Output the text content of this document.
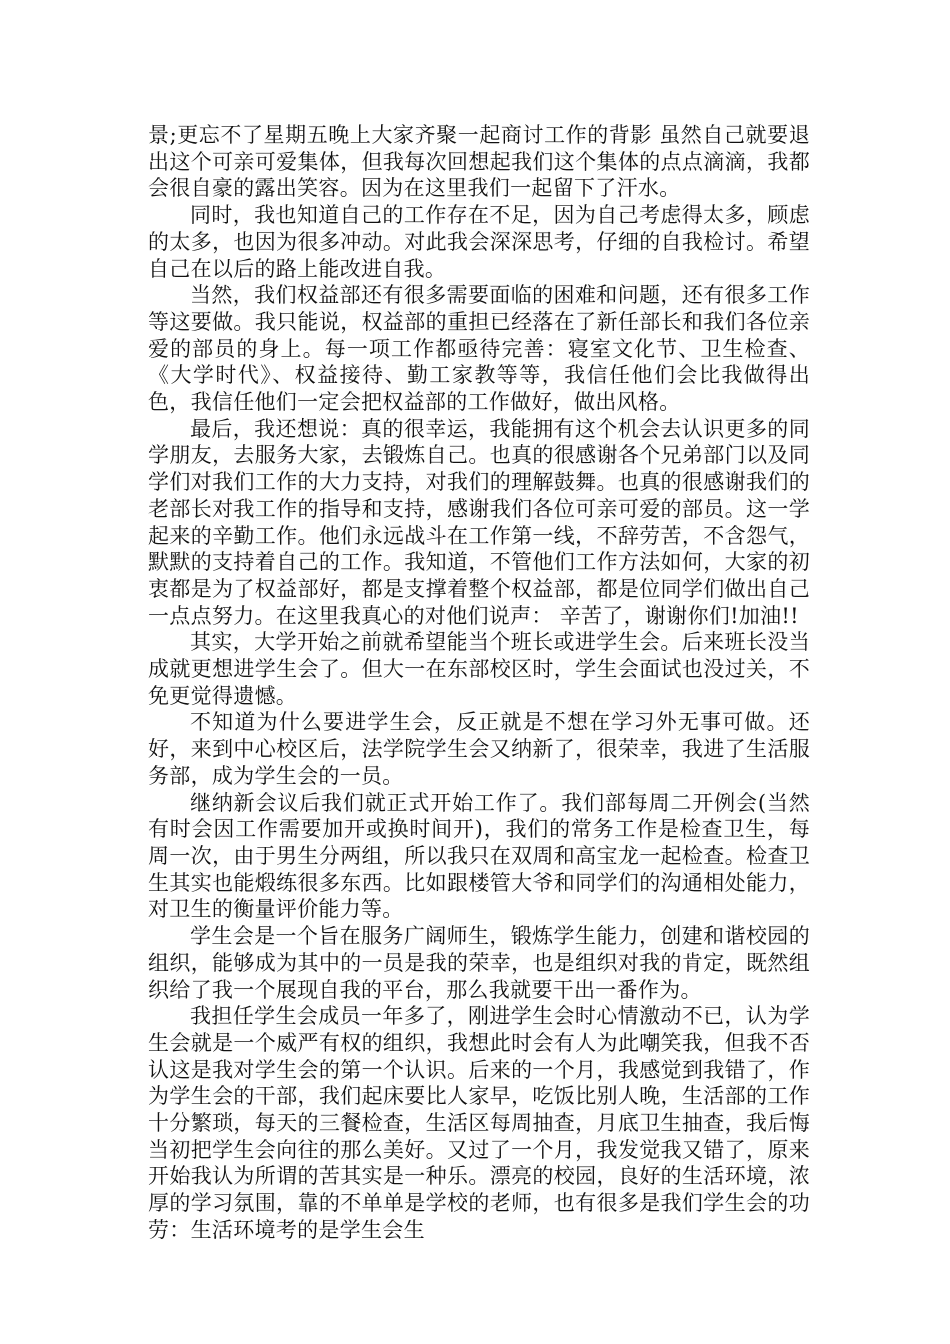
景;更忘不了星期五晚上大家齐聚一起商讨工作的背影 虽然自己就要退出这个可亲可爱集体，但我每次回想起我们这个集体的点点滴滴，我都会很自豪的露出笑容。因为在这里我们一起留下了汗水。

同时，我也知道自己的工作存在不足，因为自己考虑得太多，顾虑的太多，也因为很多冲动。对此我会深深思考，仔细的自我检讨。希望自己在以后的路上能改进自我。

当然，我们权益部还有很多需要面临的困难和问题，还有很多工作等这要做。我只能说，权益部的重担已经落在了新任部长和我们各位亲爱的部员的身上。每一项工作都亟待完善：寝室文化节、卫生检查、《大学时代》、权益接待、勤工家教等等，我信任他们会比我做得出色，我信任他们一定会把权益部的工作做好，做出风格。

最后，我还想说：真的很幸运，我能拥有这个机会去认识更多的同学朋友，去服务大家，去锻炼自己。也真的很感谢各个兄弟部门以及同学们对我们工作的大力支持，对我们的理解鼓舞。也真的很感谢我们的老部长对我工作的指导和支持，感谢我们各位可亲可爱的部员。这一学起来的辛勤工作。他们永远战斗在工作第一线，不辞劳苦，不含怨气，默默的支持着自己的工作。我知道，不管他们工作方法如何，大家的初衷都是为了权益部好，都是支撑着整个权益部，都是位同学们做出自己一点点努力。在这里我真心的对他们说声： 辛苦了，谢谢你们!加油!!

其实，大学开始之前就希望能当个班长或进学生会。后来班长没当成就更想进学生会了。但大一在东部校区时，学生会面试也没过关，不免更觉得遗憾。

不知道为什么要进学生会，反正就是不想在学习外无事可做。还好，来到中心校区后，法学院学生会又纳新了，很荣幸，我进了生活服务部，成为学生会的一员。

继纳新会议后我们就正式开始工作了。我们部每周二开例会(当然有时会因工作需要加开或换时间开)，我们的常务工作是检查卫生，每周一次，由于男生分两组，所以我只在双周和高宝龙一起检查。检查卫生其实也能煅练很多东西。比如跟楼管大爷和同学们的沟通相处能力，对卫生的衡量评价能力等。

学生会是一个旨在服务广阔师生，锻炼学生能力，创建和谐校园的组织，能够成为其中的一员是我的荣幸，也是组织对我的肯定，既然组织给了我一个展现自我的平台，那么我就要干出一番作为。

我担任学生会成员一年多了，刚进学生会时心情激动不已，认为学生会就是一个威严有权的组织，我想此时会有人为此嘲笑我，但我不否认这是我对学生会的第一个认识。后来的一个月，我感觉到我错了，作为学生会的干部，我们起床要比人家早，吃饭比别人晚，生活部的工作十分繁琐，每天的三餐检查，生活区每周抽查，月底卫生抽查，我后悔当初把学生会向往的那么美好。又过了一个月，我发觉我又错了，原来开始我认为所谓的苦其实是一种乐。漂亮的校园，良好的生活环境，浓厚的学习氛围，靠的不单单是学校的老师，也有很多是我们学生会的功劳：生活环境考的是学生会生
